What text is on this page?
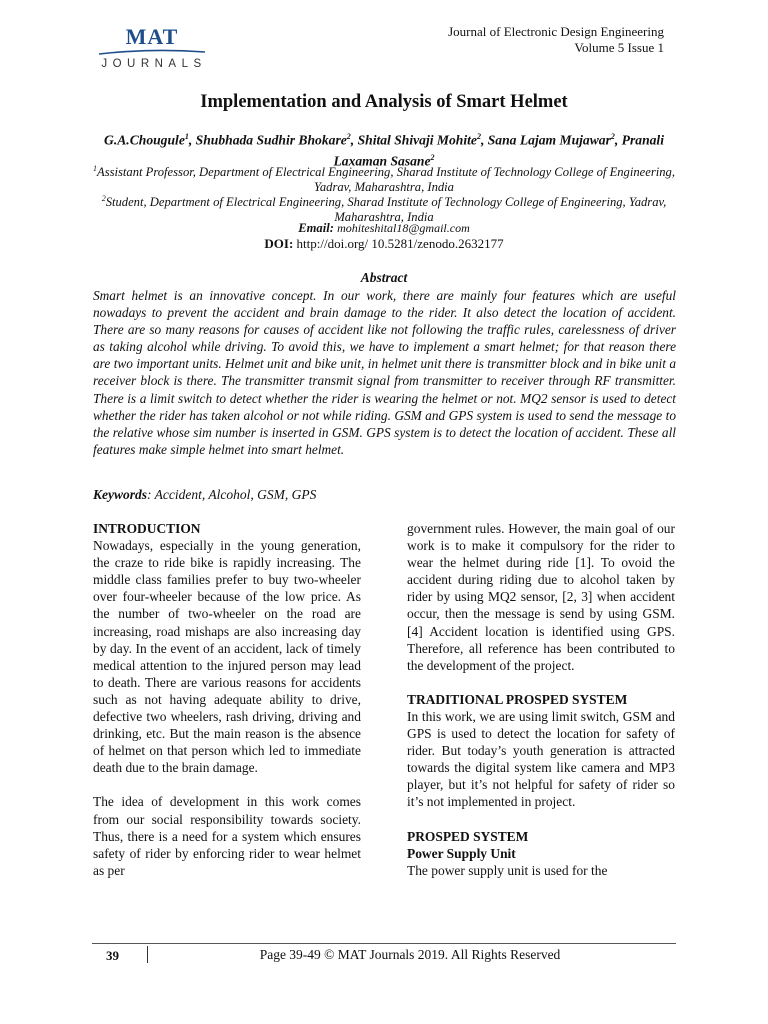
MAT
JOURNALS
Journal of Electronic Design Engineering
Volume 5 Issue 1
Implementation and Analysis of Smart Helmet
G.A.Chougule$^1$, Shubhada Sudhir Bhokare$^2$, Shital Shivaji Mohite$^2$, Sana Lajam Mujawar$^2$, Pranali Laxaman Sasane$^2$
$^1$Assistant Professor, Department of Electrical Engineering, Sharad Institute of Technology College of Engineering, Yadrav, Maharashtra, India
$^2$Student, Department of Electrical Engineering, Sharad Institute of Technology College of Engineering, Yadrav, Maharashtra, India
Email: mohiteshital18@gmail.com
DOI: http://doi.org/ 10.5281/zenodo.2632177
Abstract

Smart helmet is an innovative concept. In our work, there are mainly four features which are useful nowadays to prevent the accident and brain damage to the rider. It also detect the location of accident. There are so many reasons for causes of accident like not following the traffic rules, carelessness of driver as taking alcohol while driving. To avoid this, we have to implement a smart helmet; for that reason there are two important units. Helmet unit and bike unit, in helmet unit there is transmitter block and in bike unit a receiver block is there. The transmitter transmit signal from transmitter to receiver through RF transmitter. There is a limit switch to detect whether the rider is wearing the helmet or not. MQ2 sensor is used to detect whether the rider has taken alcohol or not while riding. GSM and GPS system is used to send the message to the relative whose sim number is inserted in GSM. GPS system is to detect the location of accident. These all features make simple helmet into smart helmet.

Keywords: Accident, Alcohol, GSM, GPS

INTRODUCTION

Nowadays, especially in the young generation, the craze to ride bike is rapidly increasing. The middle class families prefer to buy two-wheeler over four-wheeler because of the low price. As the number of two-wheeler on the road are increasing, road mishaps are also increasing day by day. In the event of an accident, lack of timely medical attention to the injured person may lead to death. There are various reasons for accidents such as not having adequate ability to drive, defective two wheelers, rash driving, driving and drinking, etc. But the main reason is the absence of helmet on that person which led to immediate death due to the brain damage.

The idea of development in this work comes from our social responsibility towards society. Thus, there is a need for a system which ensures safety of rider by enforcing rider to wear helmet as per

government rules. However, the main goal of our work is to make it compulsory for the rider to wear the helmet during ride [1]. To ovoid the accident during riding due to alcohol taken by rider by using MQ2 sensor, [2, 3] when accident occur, then the message is send by using GSM. [4] Accident location is identified using GPS. Therefore, all reference has been contributed to the development of the project.

TRADITIONAL PROSPED SYSTEM

In this work, we are using limit switch, GSM and GPS is used to detect the location for safety of rider. But today’s youth generation is attracted towards the digital system like camera and MP3 player, but it’s not helpful for safety of rider so it’s not implemented in project.

PROSPED SYSTEM

Power Supply Unit

The power supply unit is used for the

39	Page 39-49 © MAT Journals 2019. All Rights Reserved
